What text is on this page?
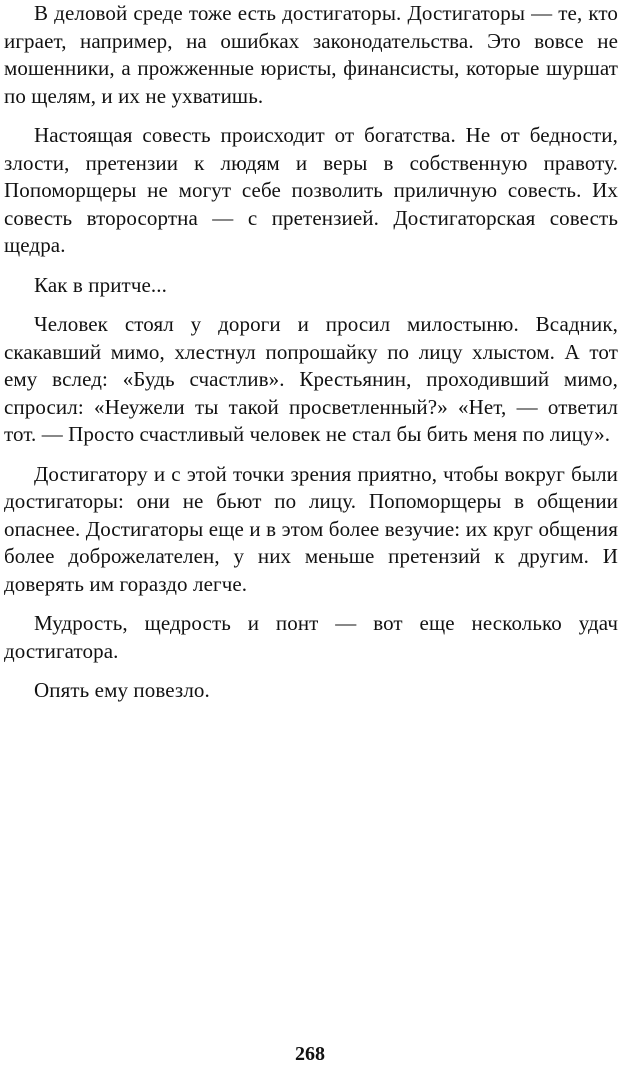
В деловой среде тоже есть достигаторы. Достигаторы — те, кто играет, например, на ошибках законодательства. Это вовсе не мошенники, а прожженные юристы, финансисты, которые шуршат по щелям, и их не ухватишь.

Настоящая совесть происходит от богатства. Не от бедности, злости, претензии к людям и веры в собственную правоту. Попоморщеры не могут себе позволить приличную совесть. Их совесть второсортна — с претензией. Достигаторская совесть щедра.

Как в притче...

Человек стоял у дороги и просил милостыню. Всадник, скакавший мимо, хлестнул попрошайку по лицу хлыстом. А тот ему вслед: «Будь счастлив». Крестьянин, проходивший мимо, спросил: «Неужели ты такой просветленный?» «Нет, — ответил тот. — Просто счастливый человек не стал бы бить меня по лицу».

Достигатору и с этой точки зрения приятно, чтобы вокруг были достигаторы: они не бьют по лицу. Попоморщеры в общении опаснее. Достигаторы еще и в этом более везучие: их круг общения более доброжелателен, у них меньше претензий к другим. И доверять им гораздо легче.

Мудрость, щедрость и понт — вот еще несколько удач достигатора.

Опять ему повезло.

268
